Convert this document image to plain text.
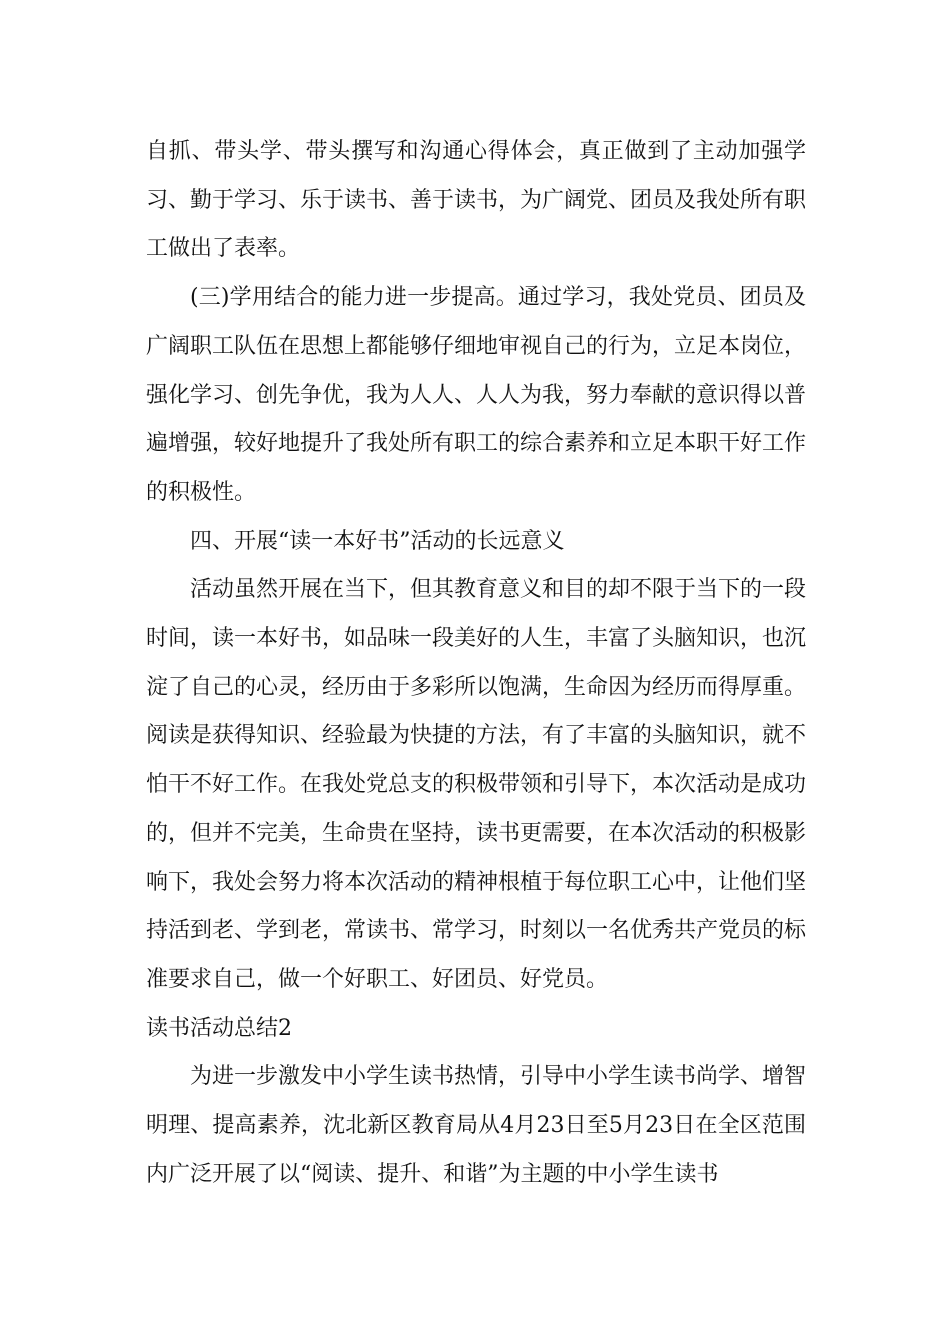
自抓、带头学、带头撰写和沟通心得体会，真正做到了主动加强学习、勤于学习、乐于读书、善于读书，为广阔党、团员及我处所有职工做出了表率。

(三)学用结合的能力进一步提高。通过学习，我处党员、团员及广阔职工队伍在思想上都能够仔细地审视自己的行为，立足本岗位，强化学习、创先争优，我为人人、人人为我，努力奉献的意识得以普遍增强，较好地提升了我处所有职工的综合素养和立足本职干好工作的积极性。

四、开展“读一本好书”活动的长远意义

活动虽然开展在当下，但其教育意义和目的却不限于当下的一段时间，读一本好书，如品味一段美好的人生，丰富了头脑知识，也沉淀了自己的心灵，经历由于多彩所以饱满，生命因为经历而得厚重。阅读是获得知识、经验最为快捷的方法，有了丰富的头脑知识，就不怕干不好工作。在我处党总支的积极带领和引导下，本次活动是成功的，但并不完美，生命贵在坚持，读书更需要，在本次活动的积极影响下，我处会努力将本次活动的精神根植于每位职工心中，让他们坚持活到老、学到老，常读书、常学习，时刻以一名优秀共产党员的标准要求自己，做一个好职工、好团员、好党员。

读书活动总结2

为进一步激发中小学生读书热情，引导中小学生读书尚学、增智明理、提高素养，沈北新区教育局从4月23日至5月23日在全区范围内广泛开展了以“阅读、提升、和谐”为主题的中小学生读书
